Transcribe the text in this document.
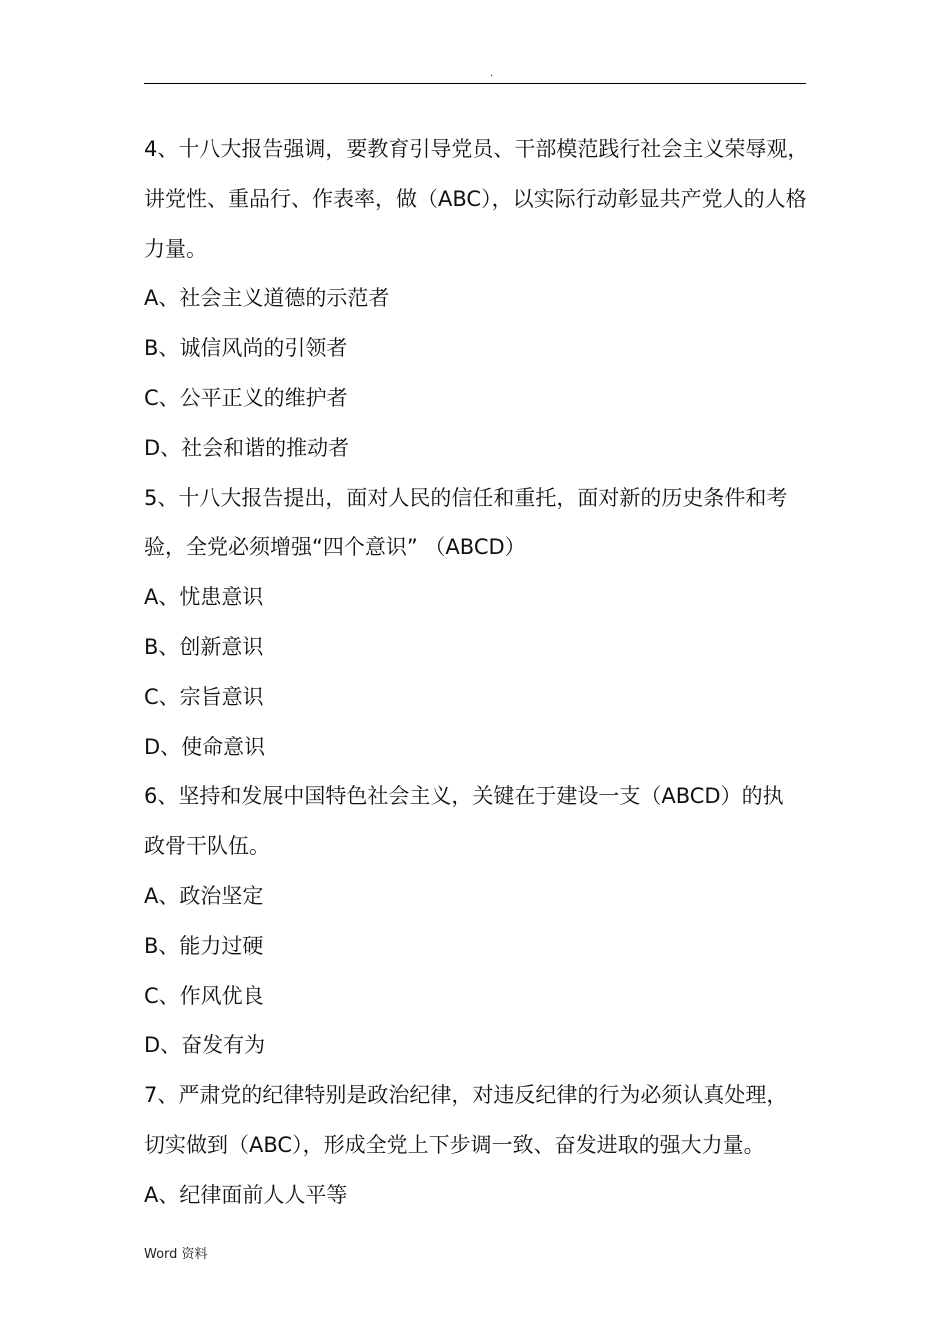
.
4、十八大报告强调，要教育引导党员、干部模范践行社会主义荣辱观，
讲党性、重品行、作表率，做（ABC），以实际行动彰显共产党人的人格
力量。
A、社会主义道德的示范者
B、诚信风尚的引领者
C、公平正义的维护者
D、社会和谐的推动者
5、十八大报告提出，面对人民的信任和重托，面对新的历史条件和考
验，全党必须增强“四个意识” （ABCD）
A、忧患意识
B、创新意识
C、宗旨意识
D、使命意识
6、坚持和发展中国特色社会主义，关键在于建设一支（ABCD）的执
政骨干队伍。
A、政治坚定
B、能力过硬
C、作风优良
D、奋发有为
7、严肃党的纪律特别是政治纪律，对违反纪律的行为必须认真处理，
切实做到（ABC），形成全党上下步调一致、奋发进取的强大力量。
A、纪律面前人人平等
Word 资料
